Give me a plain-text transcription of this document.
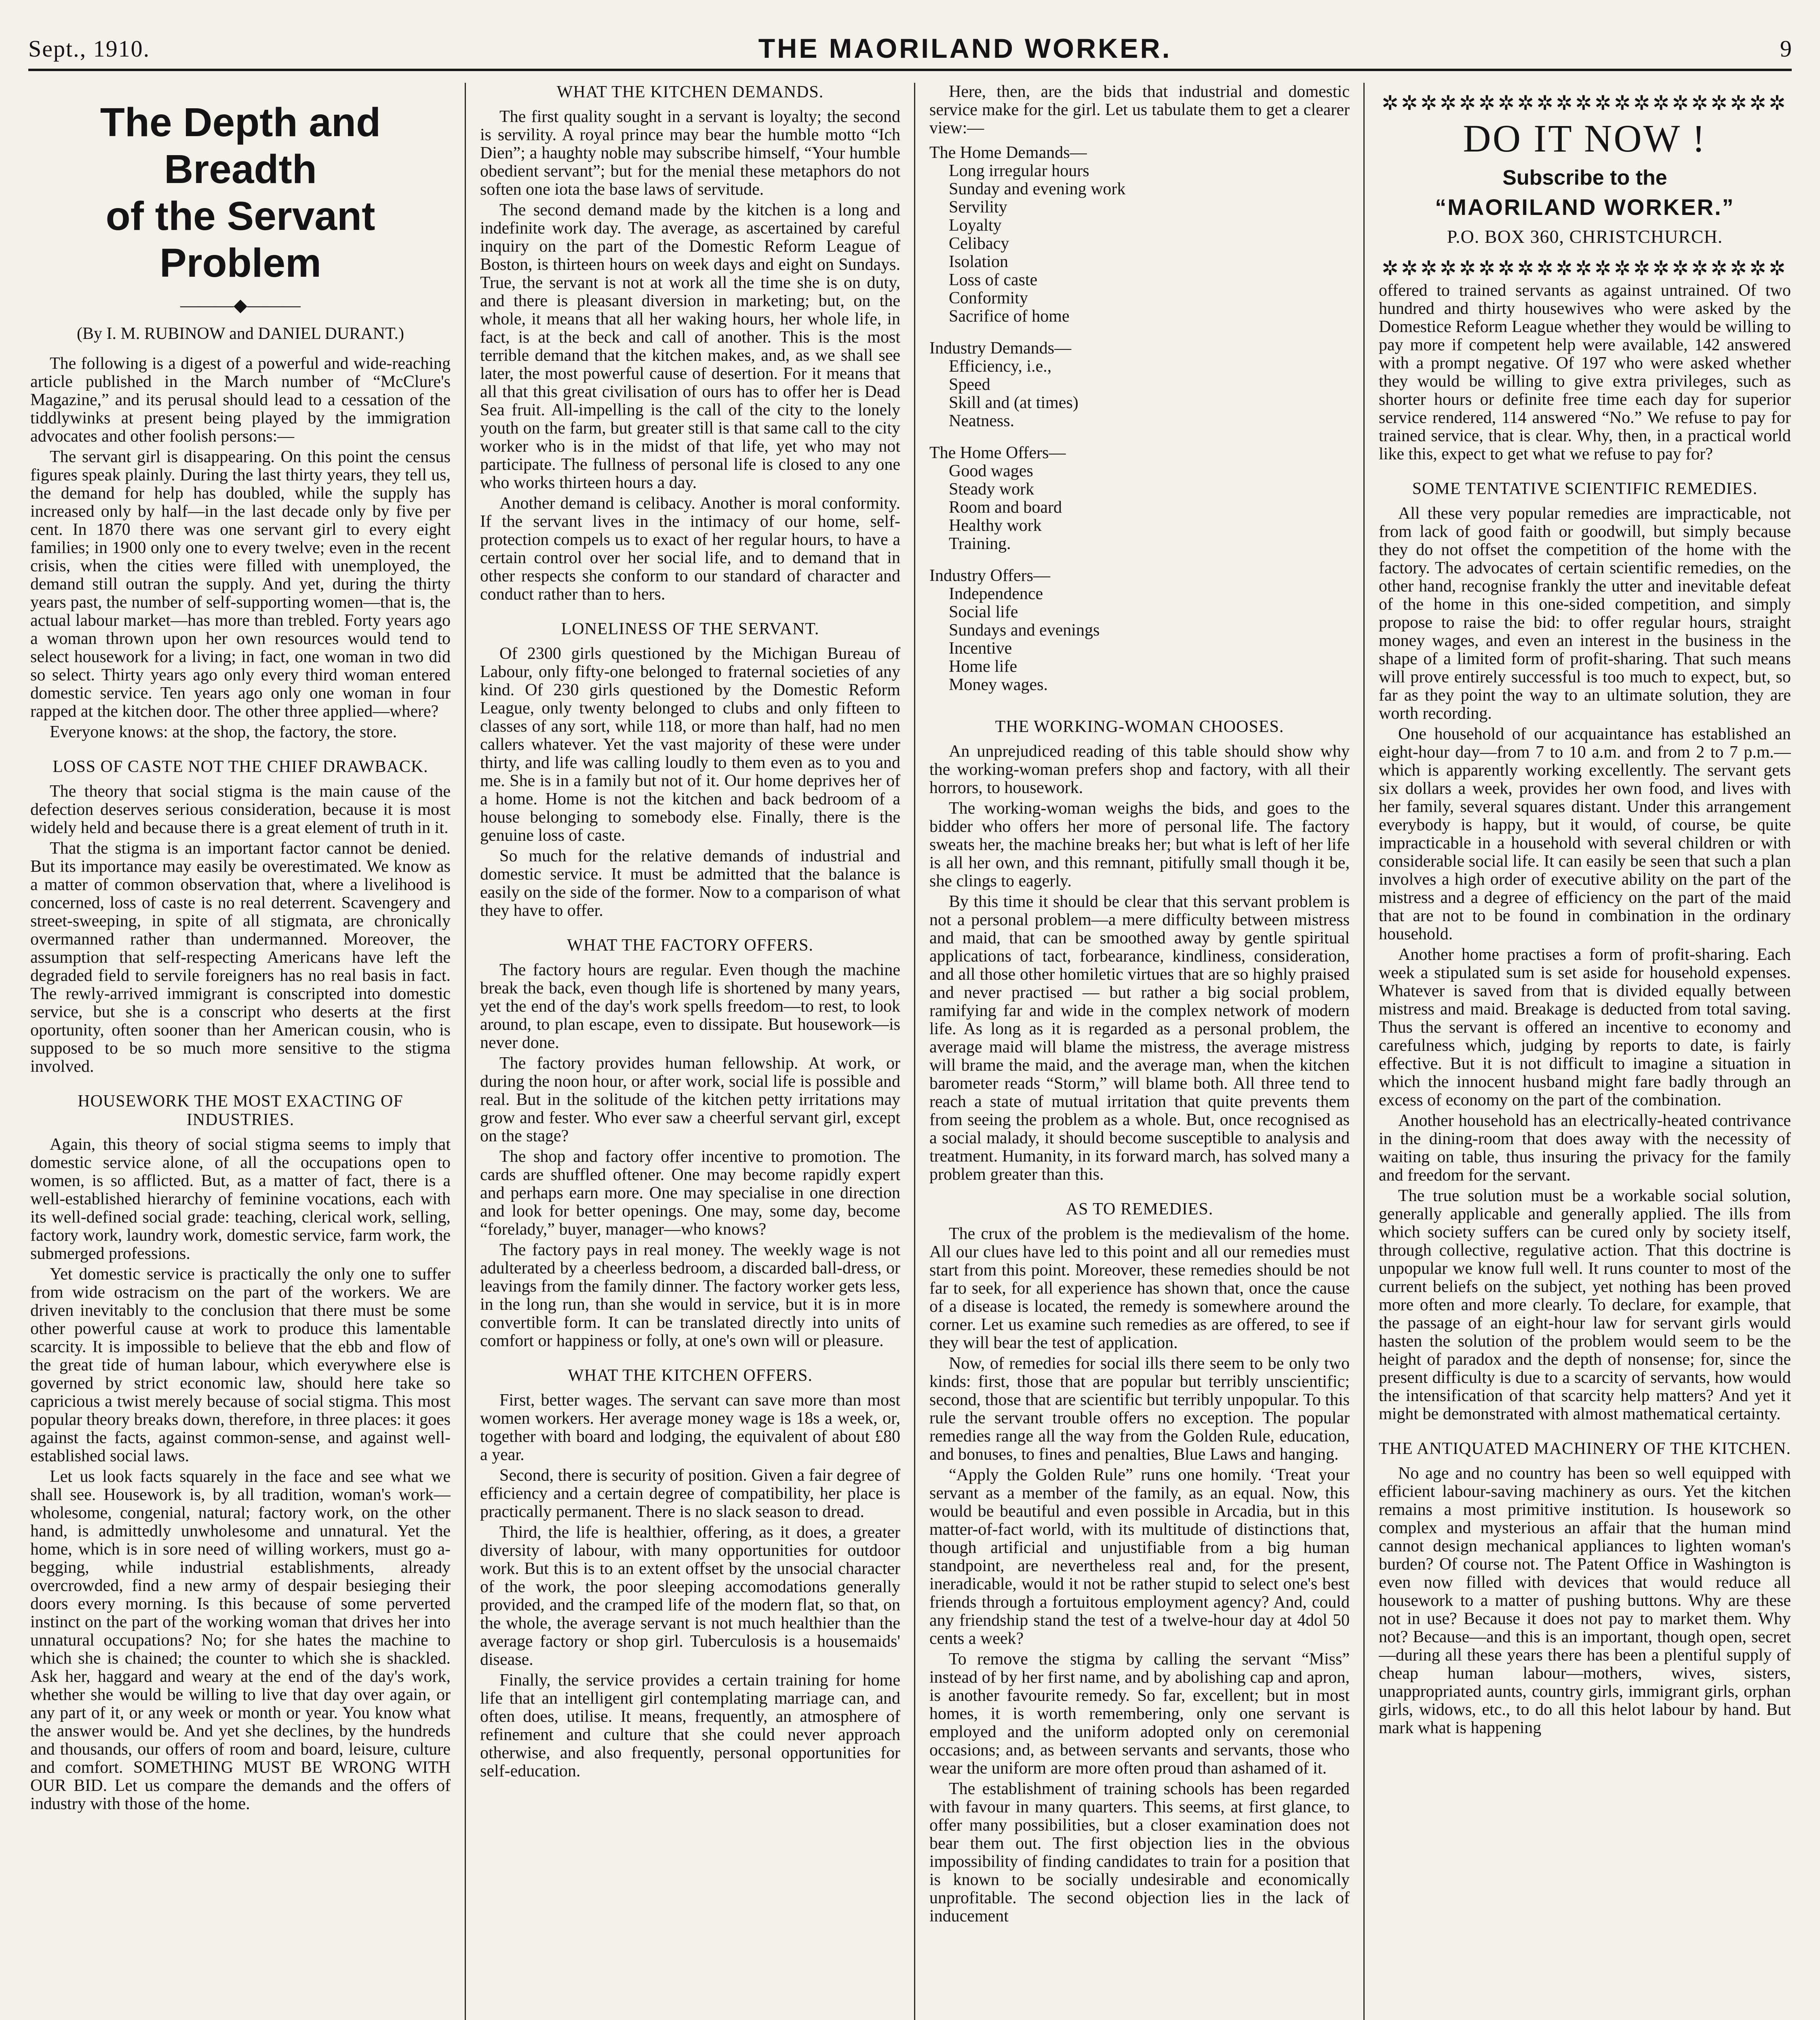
Sept., 1910.	THE MAORILAND WORKER.	9
The Depth and Breadth
of the Servant Problem
———◆———
(By I. M. RUBINOW and DANIEL DURANT.)

The following is a digest of a powerful and wide-reaching article published in the March number of “McClure's Magazine,” and its perusal should lead to a cessation of the tiddlywinks at present being played by the immigration advocates and other foolish persons:—

The servant girl is disappearing. On this point the census figures speak plainly. During the last thirty years, they tell us, the demand for help has doubled, while the supply has increased only by half—in the last decade only by five per cent. In 1870 there was one servant girl to every eight families; in 1900 only one to every twelve; even in the recent crisis, when the cities were filled with unemployed, the demand still outran the supply. And yet, during the thirty years past, the number of self-supporting women—that is, the actual labour market—has more than trebled. Forty years ago a woman thrown upon her own resources would tend to select housework for a living; in fact, one woman in two did so select. Thirty years ago only every third woman entered domestic service. Ten years ago only one woman in four rapped at the kitchen door. The other three applied—where?

Everyone knows: at the shop, the factory, the store.

LOSS OF CASTE NOT THE CHIEF DRAWBACK.

The theory that social stigma is the main cause of the defection deserves serious consideration, because it is most widely held and because there is a great element of truth in it.

That the stigma is an important factor cannot be denied. But its importance may easily be overestimated. We know as a matter of common observation that, where a livelihood is concerned, loss of caste is no real deterrent. Scavengery and street-sweeping, in spite of all stigmata, are chronically overmanned rather than undermanned. Moreover, the assumption that self-respecting Americans have left the degraded field to servile foreigners has no real basis in fact. The rewly-arrived immigrant is conscripted into domestic service, but she is a conscript who deserts at the first oportunity, often sooner than her American cousin, who is supposed to be so much more sensitive to the stigma involved.

HOUSEWORK THE MOST EXACTING OF INDUSTRIES.

Again, this theory of social stigma seems to imply that domestic service alone, of all the occupations open to women, is so afflicted. But, as a matter of fact, there is a well-established hierarchy of feminine vocations, each with its well-defined social grade: teaching, clerical work, selling, factory work, laundry work, domestic service, farm work, the submerged professions.

Yet domestic service is practically the only one to suffer from wide ostracism on the part of the workers. We are driven inevitably to the conclusion that there must be some other powerful cause at work to produce this lamentable scarcity. It is impossible to believe that the ebb and flow of the great tide of human labour, which everywhere else is governed by strict economic law, should here take so capricious a twist merely because of social stigma. This most popular theory breaks down, therefore, in three places: it goes against the facts, against common-sense, and against well-established social laws.

Let us look facts squarely in the face and see what we shall see. Housework is, by all tradition, woman's work—wholesome, congenial, natural; factory work, on the other hand, is admittedly unwholesome and unnatural. Yet the home, which is in sore need of willing workers, must go a-begging, while industrial establishments, already overcrowded, find a new army of despair besieging their doors every morning. Is this because of some perverted instinct on the part of the working woman that drives her into unnatural occupations? No; for she hates the machine to which she is chained; the counter to which she is shackled. Ask her, haggard and weary at the end of the day's work, whether she would be willing to live that day over again, or any part of it, or any week or month or year. You know what the answer would be. And yet she declines, by the hundreds and thousands, our offers of room and board, leisure, culture and comfort. SOMETHING MUST BE WRONG WITH OUR BID. Let us compare the demands and the offers of industry with those of the home.

WHAT THE KITCHEN DEMANDS.

The first quality sought in a servant is loyalty; the second is servility. A royal prince may bear the humble motto “Ich Dien”; a haughty noble may subscribe himself, “Your humble obedient servant”; but for the menial these metaphors do not soften one iota the base laws of servitude.

The second demand made by the kitchen is a long and indefinite work day. The average, as ascertained by careful inquiry on the part of the Domestic Reform League of Boston, is thirteen hours on week days and eight on Sundays. True, the servant is not at work all the time she is on duty, and there is pleasant diversion in marketing; but, on the whole, it means that all her waking hours, her whole life, in fact, is at the beck and call of another. This is the most terrible demand that the kitchen makes, and, as we shall see later, the most powerful cause of desertion. For it means that all that this great civilisation of ours has to offer her is Dead Sea fruit. All-impelling is the call of the city to the lonely youth on the farm, but greater still is that same call to the city worker who is in the midst of that life, yet who may not participate. The fullness of personal life is closed to any one who works thirteen hours a day.

Another demand is celibacy. Another is moral conformity. If the servant lives in the intimacy of our home, self-protection compels us to exact of her regular hours, to have a certain control over her social life, and to demand that in other respects she conform to our standard of character and conduct rather than to hers.

LONELINESS OF THE SERVANT.

Of 2300 girls questioned by the Michigan Bureau of Labour, only fifty-one belonged to fraternal societies of any kind. Of 230 girls questioned by the Domestic Reform League, only twenty belonged to clubs and only fifteen to classes of any sort, while 118, or more than half, had no men callers whatever. Yet the vast majority of these were under thirty, and life was calling loudly to them even as to you and me. She is in a family but not of it. Our home deprives her of a home. Home is not the kitchen and back bedroom of a house belonging to somebody else. Finally, there is the genuine loss of caste.

So much for the relative demands of industrial and domestic service. It must be admitted that the balance is easily on the side of the former. Now to a comparison of what they have to offer.

WHAT THE FACTORY OFFERS.

The factory hours are regular. Even though the machine break the back, even though life is shortened by many years, yet the end of the day's work spells freedom—to rest, to look around, to plan escape, even to dissipate. But housework—is never done.

The factory provides human fellowship. At work, or during the noon hour, or after work, social life is possible and real. But in the solitude of the kitchen petty irritations may grow and fester. Who ever saw a cheerful servant girl, except on the stage?

The shop and factory offer incentive to promotion. The cards are shuffled oftener. One may become rapidly expert and perhaps earn more. One may specialise in one direction and look for better openings. One may, some day, become “forelady,” buyer, manager—who knows?

The factory pays in real money. The weekly wage is not adulterated by a cheerless bedroom, a discarded ball-dress, or leavings from the family dinner. The factory worker gets less, in the long run, than she would in service, but it is in more convertible form. It can be translated directly into units of comfort or happiness or folly, at one's own will or pleasure.

WHAT THE KITCHEN OFFERS.

First, better wages. The servant can save more than most women workers. Her average money wage is 18s a week, or, together with board and lodging, the equivalent of about £80 a year.

Second, there is security of position. Given a fair degree of efficiency and a certain degree of compatibility, her place is practically permanent. There is no slack season to dread.

Third, the life is healthier, offering, as it does, a greater diversity of labour, with many opportunities for outdoor work. But this is to an extent offset by the unsocial character of the work, the poor sleeping accomodations generally provided, and the cramped life of the modern flat, so that, on the whole, the average servant is not much healthier than the average factory or shop girl. Tuberculosis is a housemaids' disease.

Finally, the service provides a certain training for home life that an intelligent girl contemplating marriage can, and often does, utilise. It means, frequently, an atmosphere of refinement and culture that she could never approach otherwise, and also frequently, personal opportunities for self-education.

Here, then, are the bids that industrial and domestic service make for the girl. Let us tabulate them to get a clearer view:—
The Home Demands—
Long irregular hours
Sunday and evening work
Servility
Loyalty
Celibacy
Isolation
Loss of caste
Conformity
Sacrifice of home
Industry Demands—
Efficiency, i.e.,
Speed
Skill and (at times)
Neatness.
The Home Offers—
Good wages
Steady work
Room and board
Healthy work
Training.
Industry Offers—
Independence
Social life
Sundays and evenings
Incentive
Home life
Money wages.
THE WORKING-WOMAN CHOOSES.

An unprejudiced reading of this table should show why the working-woman prefers shop and factory, with all their horrors, to housework.

The working-woman weighs the bids, and goes to the bidder who offers her more of personal life. The factory sweats her, the machine breaks her; but what is left of her life is all her own, and this remnant, pitifully small though it be, she clings to eagerly.

By this time it should be clear that this servant problem is not a personal problem—a mere difficulty between mistress and maid, that can be smoothed away by gentle spiritual applications of tact, forbearance, kindliness, consideration, and all those other homiletic virtues that are so highly praised and never practised — but rather a big social problem, ramifying far and wide in the complex network of modern life. As long as it is regarded as a personal problem, the average maid will blame the mistress, the average mistress will brame the maid, and the average man, when the kitchen barometer reads “Storm,” will blame both. All three tend to reach a state of mutual irritation that quite prevents them from seeing the problem as a whole. But, once recognised as a social malady, it should become susceptible to analysis and treatment. Humanity, in its forward march, has solved many a problem greater than this.

AS TO REMEDIES.

The crux of the problem is the medievalism of the home. All our clues have led to this point and all our remedies must start from this point. Moreover, these remedies should be not far to seek, for all experience has shown that, once the cause of a disease is located, the remedy is somewhere around the corner. Let us examine such remedies as are offered, to see if they will bear the test of application.

Now, of remedies for social ills there seem to be only two kinds: first, those that are popular but terribly unscientific; second, those that are scientific but terribly unpopular. To this rule the servant trouble offers no exception. The popular remedies range all the way from the Golden Rule, education, and bonuses, to fines and penalties, Blue Laws and hanging.

“Apply the Golden Rule” runs one homily. ‘Treat your servant as a member of the family, as an equal. Now, this would be beautiful and even possible in Arcadia, but in this matter-of-fact world, with its multitude of distinctions that, though artificial and unjustifiable from a big human standpoint, are nevertheless real and, for the present, ineradicable, would it not be rather stupid to select one's best friends through a fortuitous employment agency? And, could any friendship stand the test of a twelve-hour day at 4dol 50 cents a week?

To remove the stigma by calling the servant “Miss” instead of by her first name, and by abolishing cap and apron, is another favourite remedy. So far, excellent; but in most homes, it is worth remembering, only one servant is employed and the uniform adopted only on ceremonial occasions; and, as between servants and servants, those who wear the uniform are more often proud than ashamed of it.

The establishment of training schools has been regarded with favour in many quarters. This seems, at first glance, to offer many possibilities, but a closer examination does not bear them out. The first objection lies in the obvious impossibility of finding candidates to train for a position that is known to be socially undesirable and economically unprofitable. The second objection lies in the lack of inducement

✲✲✲✲✲✲✲✲✲✲✲✲✲✲✲✲✲✲✲✲✲
DO IT NOW !
Subscribe to the
“MAORILAND WORKER.”
P.O. BOX 360, CHRISTCHURCH.
✲✲✲✲✲✲✲✲✲✲✲✲✲✲✲✲✲✲✲✲✲

offered to trained servants as against untrained. Of two hundred and thirty housewives who were asked by the Domestice Reform League whether they would be willing to pay more if competent help were available, 142 answered with a prompt negative. Of 197 who were asked whether they would be willing to give extra privileges, such as shorter hours or definite free time each day for superior service rendered, 114 answered “No.” We refuse to pay for trained service, that is clear. Why, then, in a practical world like this, expect to get what we refuse to pay for?

SOME TENTATIVE SCIENTIFIC REMEDIES.

All these very popular remedies are impracticable, not from lack of good faith or goodwill, but simply because they do not offset the competition of the home with the factory. The advocates of certain scientific remedies, on the other hand, recognise frankly the utter and inevitable defeat of the home in this one-sided competition, and simply propose to raise the bid: to offer regular hours, straight money wages, and even an interest in the business in the shape of a limited form of profit-sharing. That such means will prove entirely successful is too much to expect, but, so far as they point the way to an ultimate solution, they are worth recording.

One household of our acquaintance has established an eight-hour day—from 7 to 10 a.m. and from 2 to 7 p.m.—which is apparently working excellently. The servant gets six dollars a week, provides her own food, and lives with her family, several squares distant. Under this arrangement everybody is happy, but it would, of course, be quite impracticable in a household with several children or with considerable social life. It can easily be seen that such a plan involves a high order of executive ability on the part of the mistress and a degree of efficiency on the part of the maid that are not to be found in combination in the ordinary household.

Another home practises a form of profit-sharing. Each week a stipulated sum is set aside for household expenses. Whatever is saved from that is divided equally between mistress and maid. Breakage is deducted from total saving. Thus the servant is offered an incentive to economy and carefulness which, judging by reports to date, is fairly effective. But it is not difficult to imagine a situation in which the innocent husband might fare badly through an excess of economy on the part of the combination.

Another household has an electrically-heated contrivance in the dining-room that does away with the necessity of waiting on table, thus insuring the privacy for the family and freedom for the servant.

The true solution must be a workable social solution, generally applicable and generally applied. The ills from which society suffers can be cured only by society itself, through collective, regulative action. That this doctrine is unpopular we know full well. It runs counter to most of the current beliefs on the subject, yet nothing has been proved more often and more clearly. To declare, for example, that the passage of an eight-hour law for servant girls would hasten the solution of the problem would seem to be the height of paradox and the depth of nonsense; for, since the present difficulty is due to a scarcity of servants, how would the intensification of that scarcity help matters? And yet it might be demonstrated with almost mathematical certainty.

THE ANTIQUATED MACHINERY OF THE KITCHEN.

No age and no country has been so well equipped with efficient labour-saving machinery as ours. Yet the kitchen remains a most primitive institution. Is housework so complex and mysterious an affair that the human mind cannot design mechanical appliances to lighten woman's burden? Of course not. The Patent Office in Washington is even now filled with devices that would reduce all housework to a matter of pushing buttons. Why are these not in use? Because it does not pay to market them. Why not? Because—and this is an important, though open, secret—during all these years there has been a plentiful supply of cheap human labour—mothers, wives, sisters, unappropriated aunts, country girls, immigrant girls, orphan girls, widows, etc., to do all this helot labour by hand. But mark what is happening
